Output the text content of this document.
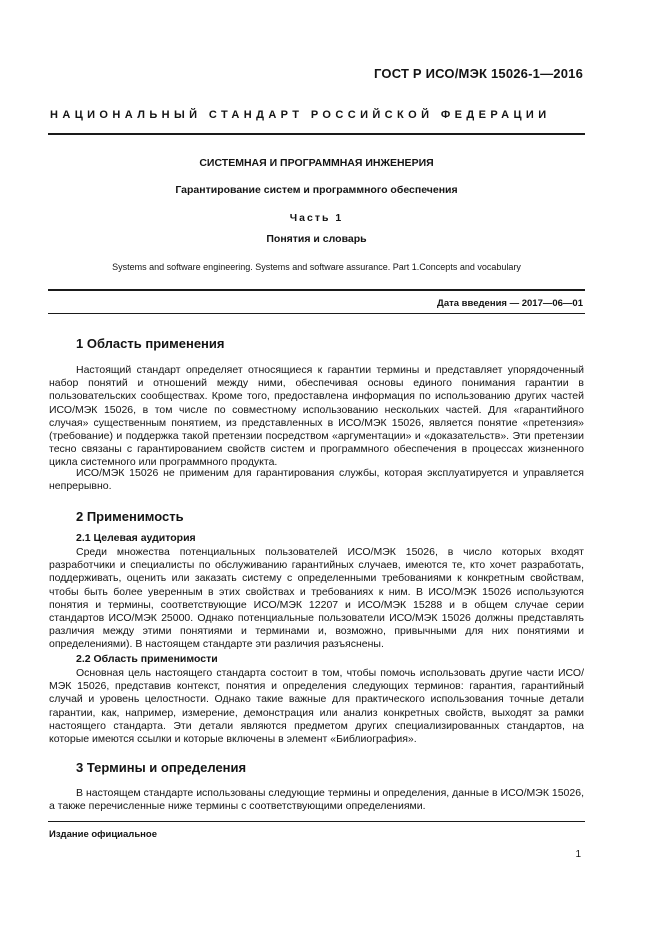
ГОСТ Р ИСО/МЭК 15026-1—2016
НАЦИОНАЛЬНЫЙ СТАНДАРТ РОССИЙСКОЙ ФЕДЕРАЦИИ
СИСТЕМНАЯ И ПРОГРАММНАЯ ИНЖЕНЕРИЯ
Гарантирование систем и программного обеспечения
Часть 1
Понятия и словарь
Systems and software engineering. Systems and software assurance. Part 1.Concepts and vocabulary
Дата введения — 2017—06—01
1 Область применения

Настоящий стандарт определяет относящиеся к гарантии термины и представляет упорядоченный набор понятий и отношений между ними, обеспечивая основы единого понимания гарантии в пользовательских сообществах. Кроме того, предоставлена информация по использованию других частей ИСО/МЭК 15026, в том числе по совместному использованию нескольких частей. Для «гарантийного случая» существенным понятием, из представленных в ИСО/МЭК 15026, является понятие «претензия» (требование) и поддержка такой претензии посредством «аргументации» и «доказательств». Эти претензии тесно связаны с гарантированием свойств систем и программного обеспечения в процессах жизненного цикла системного или программного продукта.

ИСО/МЭК 15026 не применим для гарантирования службы, которая эксплуатируется и управляется непрерывно.

2 Применимость
2.1 Целевая аудитория

Среди множества потенциальных пользователей ИСО/МЭК 15026, в число которых входят разработчики и специалисты по обслуживанию гарантийных случаев, имеются те, кто хочет разработать, поддерживать, оценить или заказать систему с определенными требованиями к конкретным свойствам, чтобы быть более уверенным в этих свойствах и требованиях к ним. В ИСО/МЭК 15026 используются понятия и термины, соответствующие ИСО/МЭК 12207 и ИСО/МЭК 15288 и в общем случае серии стандартов ИСО/МЭК 25000. Однако потенциальные пользователи ИСО/МЭК 15026 должны представлять различия между этими понятиями и терминами и, возможно, привычными для них понятиями и определениями). В настоящем стандарте эти различия разъяснены.

2.2 Область применимости

Основная цель настоящего стандарта состоит в том, чтобы помочь использовать другие части ИСО/МЭК 15026, представив контекст, понятия и определения следующих терминов: гарантия, гарантийный случай и уровень целостности. Однако такие важные для практического использования точные детали гарантии, как, например, измерение, демонстрация или анализ конкретных свойств, выходят за рамки настоящего стандарта. Эти детали являются предметом других специализированных стандартов, на которые имеются ссылки и которые включены в элемент «Библиография».

3 Термины и определения

В настоящем стандарте использованы следующие термины и определения, данные в ИСО/МЭК 15026, а также перечисленные ниже термины с соответствующими определениями.

Издание официальное
1
